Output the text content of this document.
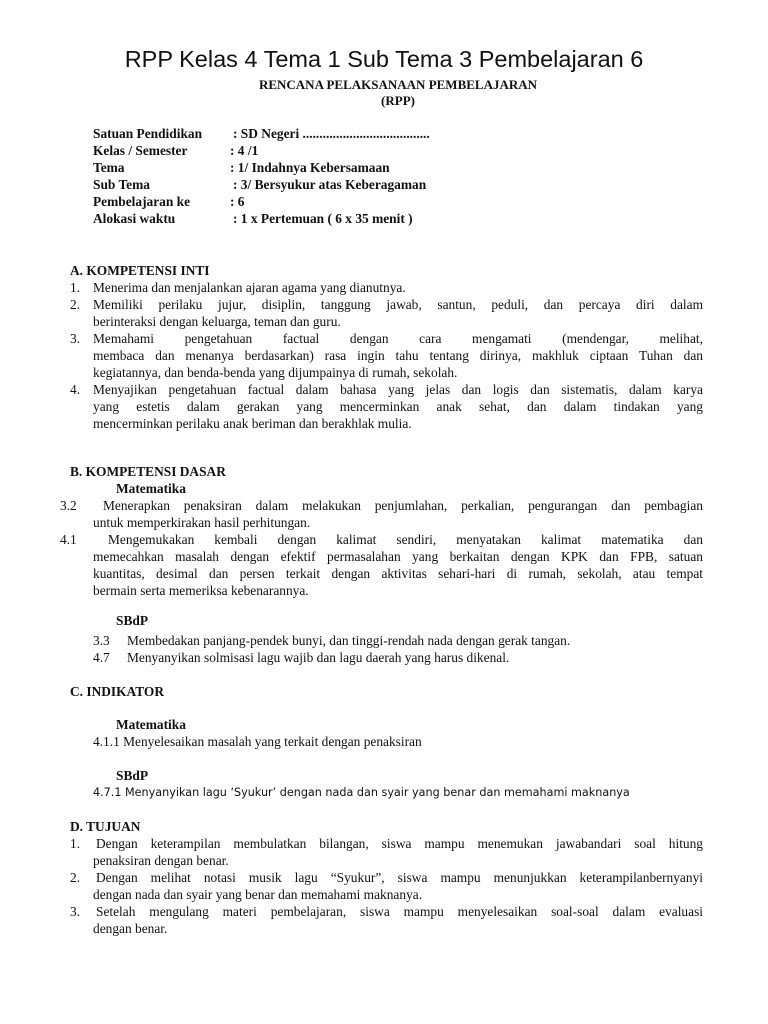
RPP Kelas 4 Tema 1 Sub Tema 3 Pembelajaran 6
RENCANA PELAKSANAAN PEMBELAJARAN
(RPP)
Satuan Pendidikan : SD Negeri ......................................
Kelas / Semester	: 4 /1
Tema	: 1/ Indahnya Kebersamaan
Sub Tema	: 3/ Bersyukur atas Keberagaman
Pembelajaran ke	: 6
Alokasi waktu	: 1 x Pertemuan ( 6 x 35 menit )
A. KOMPETENSI INTI
1. Menerima dan menjalankan ajaran agama yang dianutnya.
2. Memiliki perilaku jujur, disiplin, tanggung jawab, santun, peduli, dan percaya diri dalam
berinteraksi dengan keluarga, teman dan guru.
3. Memahami pengetahuan factual dengan cara mengamati (mendengar, melihat,
membaca dan menanya berdasarkan) rasa ingin tahu tentang dirinya, makhluk ciptaan Tuhan dan
kegiatannya, dan benda-benda yang dijumpainya di rumah, sekolah.
4. Menyajikan pengetahuan factual dalam bahasa yang jelas dan logis dan sistematis, dalam karya
yang estetis dalam gerakan yang mencerminkan anak sehat, dan dalam tindakan yang
mencerminkan perilaku anak beriman dan berakhlak mulia.
B. KOMPETENSI DASAR
Matematika
3.2 Menerapkan penaksiran dalam melakukan penjumlahan, perkalian, pengurangan dan pembagian
untuk memperkirakan hasil perhitungan.
4.1 Mengemukakan kembali dengan kalimat sendiri, menyatakan kalimat matematika dan
memecahkan masalah dengan efektif permasalahan yang berkaitan dengan KPK dan FPB, satuan
kuantitas, desimal dan persen terkait dengan aktivitas sehari-hari di rumah, sekolah, atau tempat
bermain serta memeriksa kebenarannya.
SBdP
3.3 Membedakan panjang-pendek bunyi, dan tinggi-rendah nada dengan gerak tangan.
4.7 Menyanyikan solmisasi lagu wajib dan lagu daerah yang harus dikenal.
C. INDIKATOR
Matematika
4.1.1 Menyelesaikan masalah yang terkait dengan penaksiran
SBdP
4.7.1 Menyanyikan lagu ‘Syukur’ dengan nada dan syair yang benar dan memahami maknanya
D. TUJUAN
1. Dengan keterampilan membulatkan bilangan, siswa mampu menemukan jawabandari soal hitung
penaksiran dengan benar.
2. Dengan melihat notasi musik lagu “Syukur”, siswa mampu menunjukkan keterampilanbernyanyi
dengan nada dan syair yang benar dan memahami maknanya.
3. Setelah mengulang materi pembelajaran, siswa mampu menyelesaikan soal-soal dalam evaluasi
dengan benar.
